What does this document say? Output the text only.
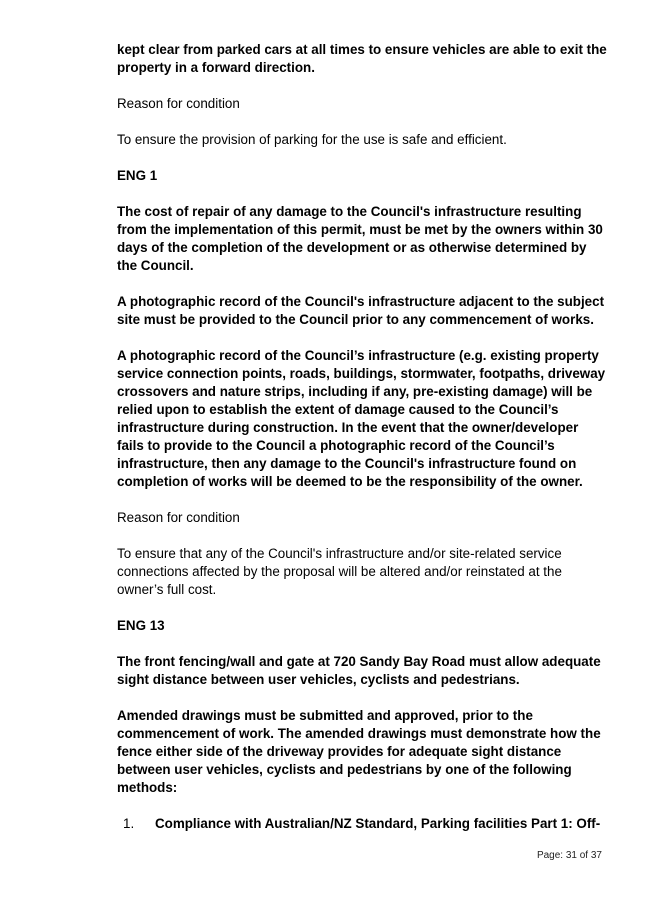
kept clear from parked cars at all times to ensure vehicles are able to exit the property in a forward direction.

Reason for condition

To ensure the provision of parking for the use is safe and efficient.

ENG 1

The cost of repair of any damage to the Council's infrastructure resulting from the implementation of this permit, must be met by the owners within 30 days of the completion of the development or as otherwise determined by the Council.

A photographic record of the Council's infrastructure adjacent to the subject site must be provided to the Council prior to any commencement of works.

A photographic record of the Council’s infrastructure (e.g. existing property service connection points, roads, buildings, stormwater, footpaths, driveway crossovers and nature strips, including if any, pre-existing damage) will be relied upon to establish the extent of damage caused to the Council’s infrastructure during construction. In the event that the owner/developer fails to provide to the Council a photographic record of the Council’s infrastructure, then any damage to the Council's infrastructure found on completion of works will be deemed to be the responsibility of the owner.

Reason for condition

To ensure that any of the Council's infrastructure and/or site-related service connections affected by the proposal will be altered and/or reinstated at the owner’s full cost.

ENG 13

The front fencing/wall and gate at 720 Sandy Bay Road must allow adequate sight distance between user vehicles, cyclists and pedestrians.

Amended drawings must be submitted and approved, prior to the commencement of work. The amended drawings must demonstrate how the fence either side of the driveway provides for adequate sight distance between user vehicles, cyclists and pedestrians by one of the following methods:

1.	Compliance with Australian/NZ Standard, Parking facilities Part 1: Off-
Page: 31 of 37
